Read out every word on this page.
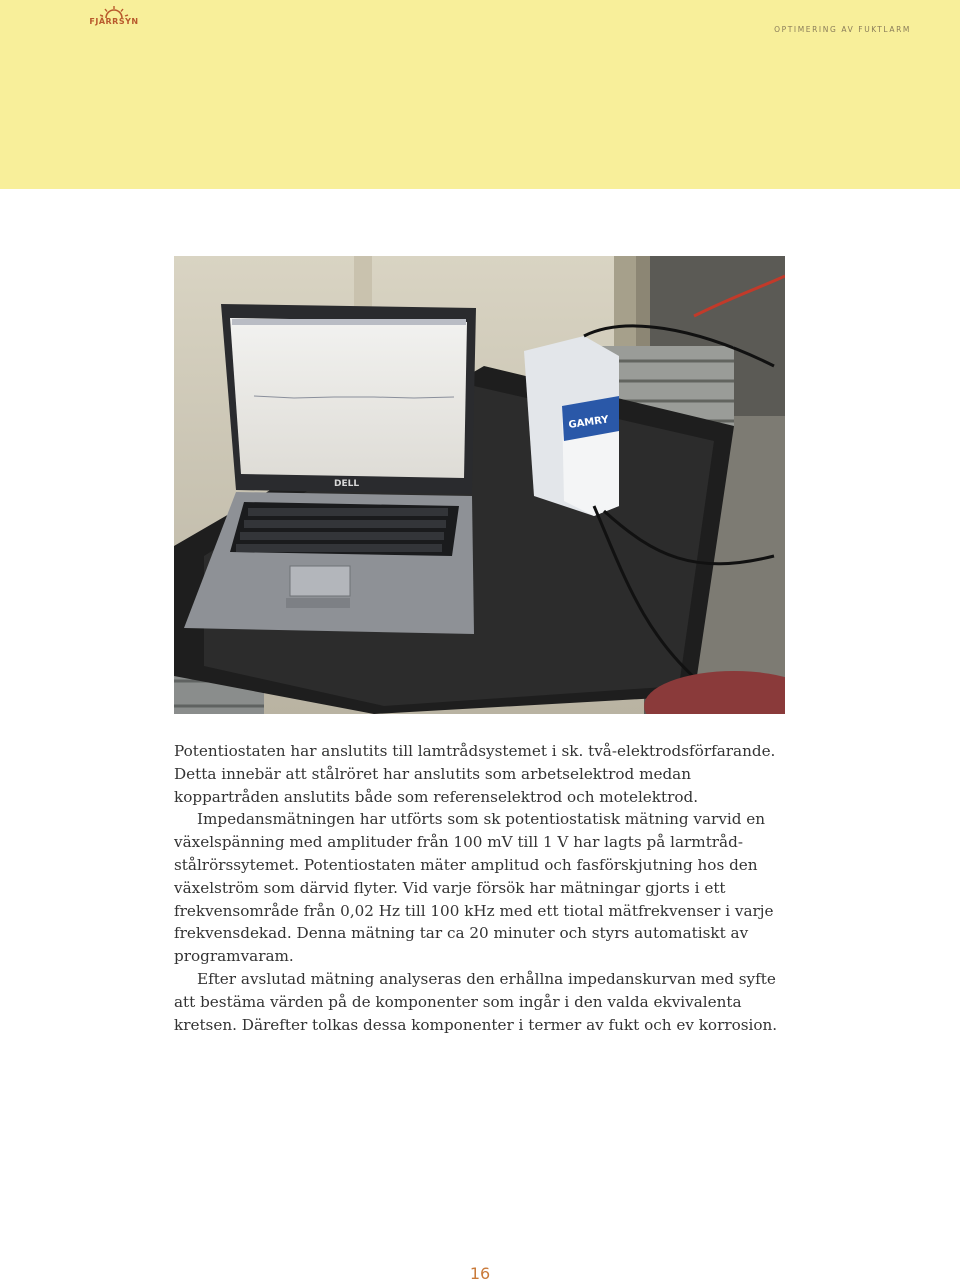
FJÄRRSYN
OPTIMERING AV FUKTLARM
DELL
GAMRY

Potentiostaten har anslutits till lamtrådsystemet i sk. två-elektrodsförfarande. Detta innebär att stålröret har anslutits som arbetselektrod medan koppartråden anslutits både som referenselektrod och motelektrod.

Impedansmätningen har utförts som sk potentiostatisk mätning varvid en växelspänning med amplituder från 100 mV till 1 V har lagts på larmtråd-stålrörssytemet. Potentiostaten mäter amplitud och fasförskjutning hos den växelström som därvid flyter. Vid varje försök har mätningar gjorts i ett frekvensområde från 0,02 Hz till 100 kHz med ett tiotal mätfrekvenser i varje frekvensdekad. Denna mätning tar ca 20 minuter och styrs automatiskt av programvaram.

Efter avslutad mätning analyseras den erhållna impedanskurvan med syfte att bestäma värden på de komponenter som ingår i den valda ekvivalenta kretsen. Därefter tolkas dessa komponenter i termer av fukt och ev korrosion.

16
